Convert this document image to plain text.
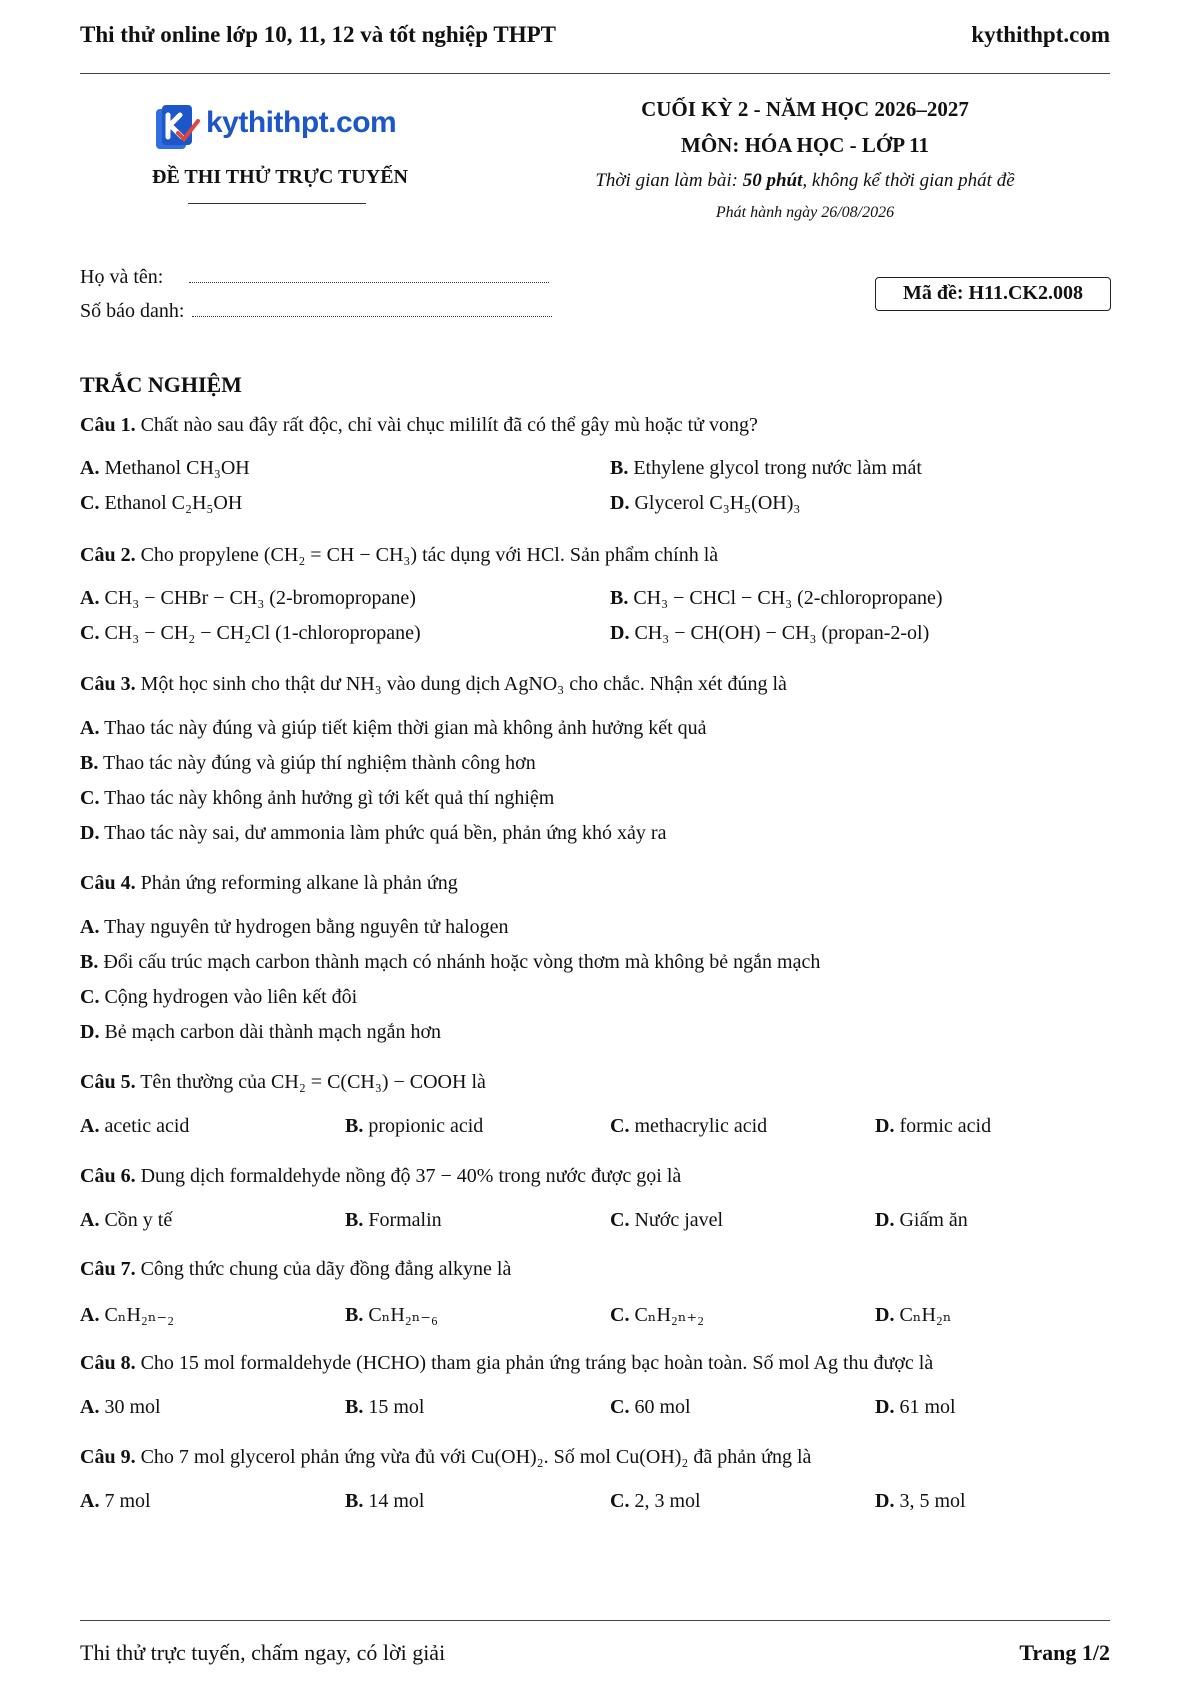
Thi thử online lớp 10, 11, 12 và tốt nghiệp THPT	kythithpt.com
kythithpt.com
ĐỀ THI THỬ TRỰC TUYẾN
CUỐI KỲ 2 - NĂM HỌC 2026–2027
MÔN: HÓA HỌC - LỚP 11
Thời gian làm bài: 50 phút, không kể thời gian phát đề
Phát hành ngày 26/08/2026
Họ và tên:
Số báo danh:
Mã đề: H11.CK2.008
TRẮC NGHIỆM
Câu 1. Chất nào sau đây rất độc, chỉ vài chục mililít đã có thể gây mù hoặc tử vong?
A. Methanol CH₃OH	B. Ethylene glycol trong nước làm mát
C. Ethanol C₂H₅OH	D. Glycerol C₃H₅(OH)₃
Câu 2. Cho propylene (CH₂ = CH − CH₃) tác dụng với HCl. Sản phẩm chính là
A. CH₃ − CHBr − CH₃ (2-bromopropane)	B. CH₃ − CHCl − CH₃ (2-chloropropane)
C. CH₃ − CH₂ − CH₂Cl (1-chloropropane)	D. CH₃ − CH(OH) − CH₃ (propan-2-ol)
Câu 3. Một học sinh cho thật dư NH₃ vào dung dịch AgNO₃ cho chắc. Nhận xét đúng là
A. Thao tác này đúng và giúp tiết kiệm thời gian mà không ảnh hưởng kết quả
B. Thao tác này đúng và giúp thí nghiệm thành công hơn
C. Thao tác này không ảnh hưởng gì tới kết quả thí nghiệm
D. Thao tác này sai, dư ammonia làm phức quá bền, phản ứng khó xảy ra
Câu 4. Phản ứng reforming alkane là phản ứng
A. Thay nguyên tử hydrogen bằng nguyên tử halogen
B. Đổi cấu trúc mạch carbon thành mạch có nhánh hoặc vòng thơm mà không bẻ ngắn mạch
C. Cộng hydrogen vào liên kết đôi
D. Bẻ mạch carbon dài thành mạch ngắn hơn
Câu 5. Tên thường của CH₂ = C(CH₃) − COOH là
A. acetic acid	B. propionic acid	C. methacrylic acid	D. formic acid
Câu 6. Dung dịch formaldehyde nồng độ 37 − 40% trong nước được gọi là
A. Cồn y tế	B. Formalin	C. Nước javel	D. Giấm ăn
Câu 7. Công thức chung của dãy đồng đẳng alkyne là
A. CₙH₂ₙ₋₂	B. CₙH₂ₙ₋₆	C. CₙH₂ₙ₊₂	D. CₙH₂ₙ
Câu 8. Cho 15 mol formaldehyde (HCHO) tham gia phản ứng tráng bạc hoàn toàn. Số mol Ag thu được là
A. 30 mol	B. 15 mol	C. 60 mol	D. 61 mol
Câu 9. Cho 7 mol glycerol phản ứng vừa đủ với Cu(OH)₂. Số mol Cu(OH)₂ đã phản ứng là
A. 7 mol	B. 14 mol	C. 2, 3 mol	D. 3, 5 mol
Thi thử trực tuyến, chấm ngay, có lời giải	Trang 1/2
